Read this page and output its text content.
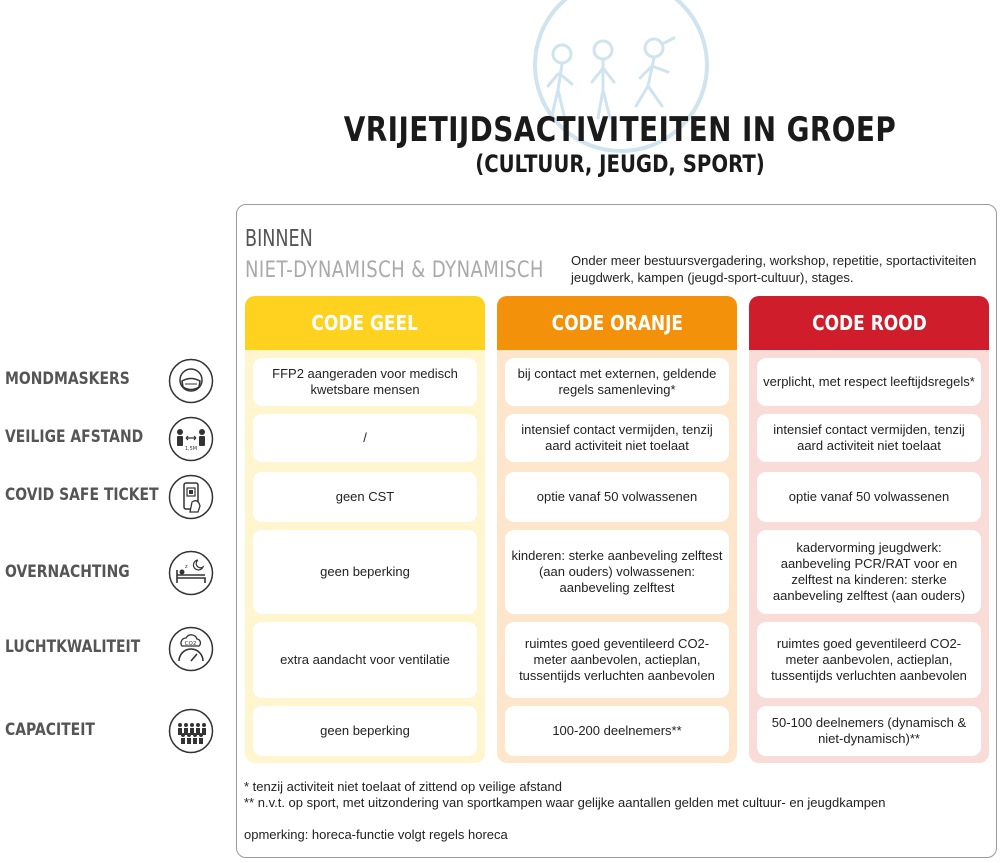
VRIJETIJDSACTIVITEITEN IN GROEP
(CULTUUR, JEUGD, SPORT)
BINNEN
NIET-DYNAMISCH & DYNAMISCH Onder meer bestuursvergadering, workshop, repetitie, sportactiviteiten jeugdwerk, kampen (jeugd-sport-cultuur), stages.
MONDMASKERS
VEILIGE AFSTAND
COVID SAFE TICKET
OVERNACHTING
LUCHTKWALITEIT
CAPACITEIT
1,5M
z
CO2
CODE GEEL
FFP2 aangeraden voor medisch kwetsbare mensen
/
geen CST
geen beperking
extra aandacht voor ventilatie
geen beperking
CODE ORANJE
bij contact met externen, geldende regels samenleving*
intensief contact vermijden, tenzij aard activiteit niet toelaat
optie vanaf 50 volwassenen
kinderen: sterke aanbeveling zelftest (aan ouders) volwassenen: aanbeveling zelftest
ruimtes goed geventileerd CO2-meter aanbevolen, actieplan, tussentijds verluchten aanbevolen
100-200 deelnemers**
CODE ROOD
verplicht, met respect leeftijdsregels*
intensief contact vermijden, tenzij aard activiteit niet toelaat
optie vanaf 50 volwassenen
kadervorming jeugdwerk: aanbeveling PCR/RAT voor en zelftest na kinderen: sterke aanbeveling zelftest (aan ouders)
ruimtes goed geventileerd CO2-meter aanbevolen, actieplan, tussentijds verluchten aanbevolen
50-100 deelnemers (dynamisch & niet-dynamisch)**
* tenzij activiteit niet toelaat of zittend op veilige afstand
** n.v.t. op sport, met uitzondering van sportkampen waar gelijke aantallen gelden met cultuur- en jeugdkampen
opmerking: horeca-functie volgt regels horeca
